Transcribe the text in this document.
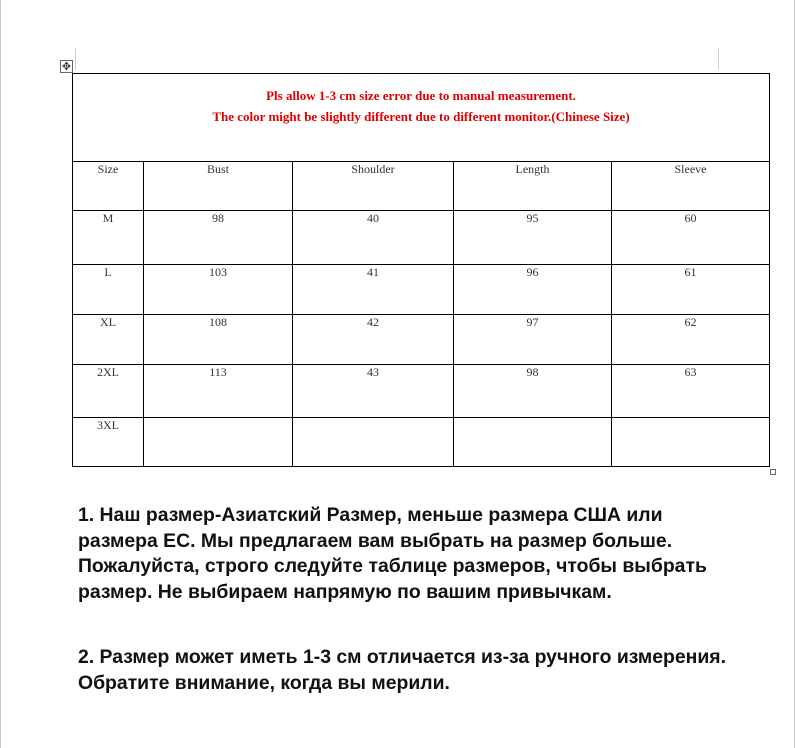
✥
Pls allow 1-3 cm size error due to manual measurement.
The color might be slightly different due to different monitor.(Chinese Size)				

Size	Bust	Shoulder	Length	Sleeve
M	98	40	95	60
L	103	41	96	61
XL	108	42	97	62
2XL	113	43	98	63
3XL				

1. Наш размер-Азиатский Размер, меньше размера США или размера ЕС. Мы предлагаем вам выбрать на размер больше. Пожалуйста, строго следуйте таблице размеров, чтобы выбрать размер. Не выбираем напрямую по вашим привычкам.

2. Размер может иметь 1-3 см отличается из-за ручного измерения. Обратите внимание, когда вы мерили.
